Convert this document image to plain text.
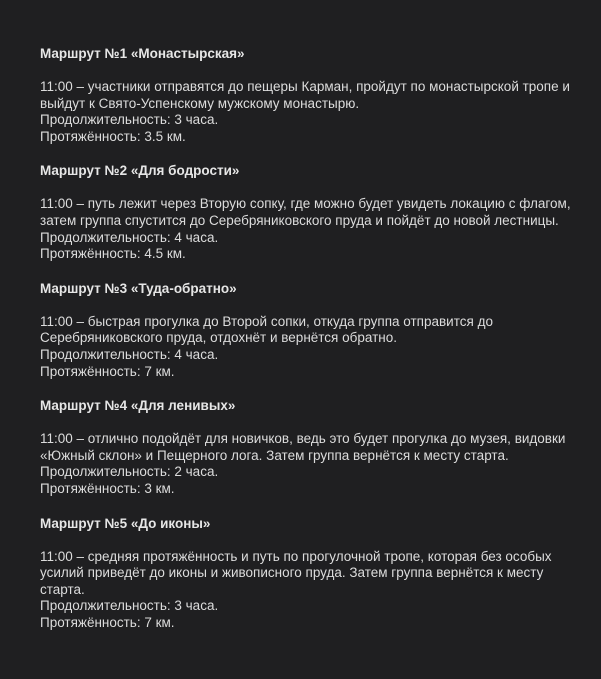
Маршрут №1 «Монастырская»

11:00 – участники отправятся до пещеры Карман, пройдут по монастырской тропе и выйдут к Свято-Успенскому мужскому монастырю.

Продолжительность: 3 часа.

Протяжённость: 3.5 км.

Маршрут №2 «Для бодрости»

11:00 – путь лежит через Вторую сопку, где можно будет увидеть локацию с флагом, затем группа спустится до Серебряниковского пруда и пойдёт до новой лестницы.

Продолжительность: 4 часа.

Протяжённость: 4.5 км.

Маршрут №3 «Туда-обратно»

11:00 – быстрая прогулка до Второй сопки, откуда группа отправится до Серебряниковского пруда, отдохнёт и вернётся обратно.

Продолжительность: 4 часа.

Протяжённость: 7 км.

Маршрут №4 «Для ленивых»

11:00 – отлично подойдёт для новичков, ведь это будет прогулка до музея, видовки «Южный склон» и Пещерного лога. Затем группа вернётся к месту старта.

Продолжительность: 2 часа.

Протяжённость: 3 км.

Маршрут №5 «До иконы»

11:00 – средняя протяжённость и путь по прогулочной тропе, которая без особых усилий приведёт до иконы и живописного пруда. Затем группа вернётся к месту старта.

Продолжительность: 3 часа.

Протяжённость: 7 км.
